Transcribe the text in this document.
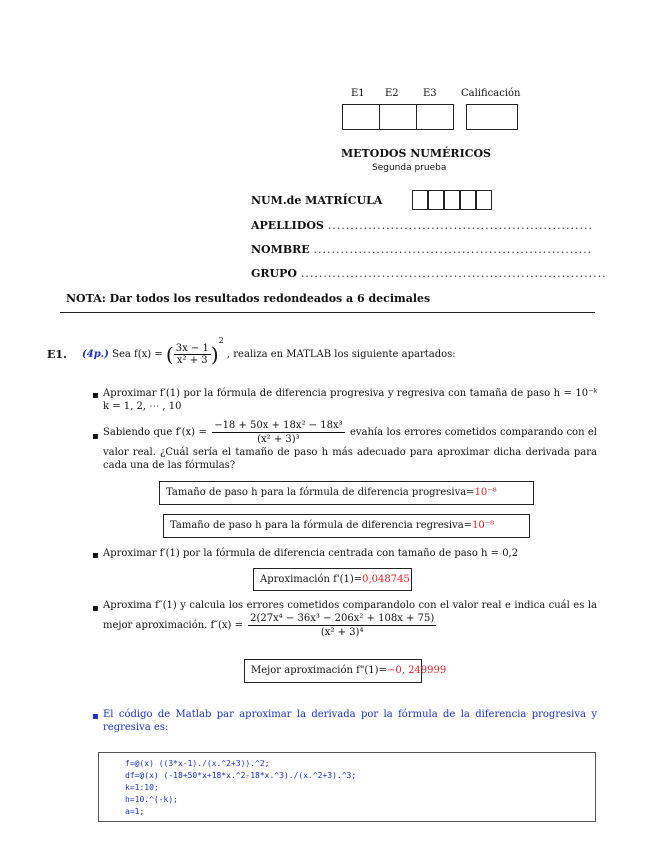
E1 E2 E3 Calificación
METODOS NUMÉRICOS
Segunda prueba
NUM.de MATRÍCULA
APELLIDOS ...........................................................
NOMBRE ..............................................................
GRUPO ....................................................................
NOTA: Dar todos los resultados redondeados a 6 decimales
E1. (4p.) Sea f(x) = ( $\frac{3x - 1}{\text{x² + 3}} )^2$ , realiza en MATLAB los siguiente apartados:
▪ Aproximar f′(1) por la fórmula de diferencia progresiva y regresiva con tamaña de paso h = 10⁻ᵏ k = 1, 2, ⋯ , 10
▪ Sabiendo que $f'(x) = \frac{\text{−18 + 50x + 18x² − 18x³}}{\text{(x² + 3)³}}$ evahía los errores cometidos comparando con el valor real. ¿Cuál sería el tamaño de paso h más adecuado para aproximar dicha derivada para cada una de las fórmulas?
Tamaño de paso h para la fórmula de diferencia progresiva=10⁻⁸
Tamaño de paso h para la fórmula de diferencia regresiva=10⁻⁸
▪ Aproximar f′(1) por la fórmula de diferencia centrada con tamaño de paso h = 0,2
Aproximación f'(1)=0,048745
▪ Aproxima f″(1) y calcula los errores cometidos comparandolo con el valor real e indica cuál es la mejor aproximación. $f''(x) = \frac{\text{2(27x⁴ − 36x³ − 206x² + 108x + 75)}}{\text{(x² + 3)⁴}}$
Mejor aproximación f"(1)=−0, 249999
▪ El código de Matlab par aproximar la derivada por la fórmula de la diferencia progresiva y regresiva es:
f=@(x) ((3*x-1)./(x.^2+3)).^2;
df=@(x) (-18+50*x+18*x.^2-18*x.^3)./(x.^2+3).^3;
k=1:10;
h=10.^(-k);
a=1;
